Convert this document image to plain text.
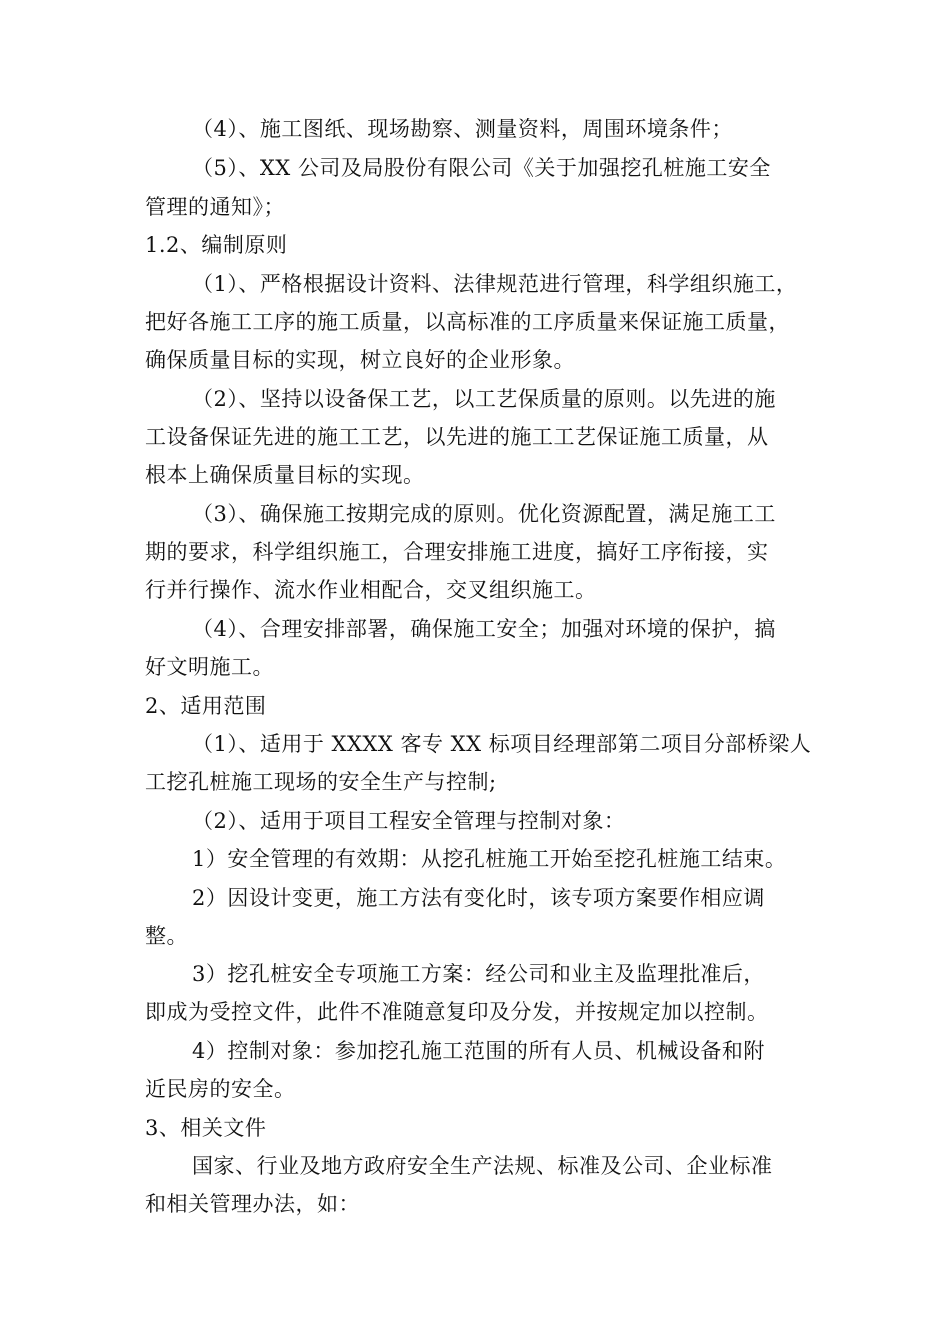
（4）、施工图纸、现场勘察、测量资料，周围环境条件；
（5）、XX 公司及局股份有限公司《关于加强挖孔桩施工安全
管理的通知》；
1.2、编制原则
（1）、严格根据设计资料、法律规范进行管理，科学组织施工，
把好各施工工序的施工质量，以高标准的工序质量来保证施工质量，
确保质量目标的实现，树立良好的企业形象。
（2）、坚持以设备保工艺，以工艺保质量的原则。以先进的施
工设备保证先进的施工工艺，以先进的施工工艺保证施工质量，从
根本上确保质量目标的实现。
（3）、确保施工按期完成的原则。优化资源配置，满足施工工
期的要求，科学组织施工，合理安排施工进度，搞好工序衔接，实
行并行操作、流水作业相配合，交叉组织施工。
（4）、合理安排部署，确保施工安全；加强对环境的保护，搞
好文明施工。
2、适用范围
（1）、适用于 XXXX 客专 XX 标项目经理部第二项目分部桥梁人
工挖孔桩施工现场的安全生产与控制;
（2）、适用于项目工程安全管理与控制对象：
1）安全管理的有效期：从挖孔桩施工开始至挖孔桩施工结束。
2）因设计变更，施工方法有变化时，该专项方案要作相应调
整。
3）挖孔桩安全专项施工方案：经公司和业主及监理批准后，
即成为受控文件，此件不准随意复印及分发，并按规定加以控制。
4）控制对象：参加挖孔施工范围的所有人员、机械设备和附
近民房的安全。
3、相关文件
国家、行业及地方政府安全生产法规、标准及公司、企业标准
和相关管理办法，如：
